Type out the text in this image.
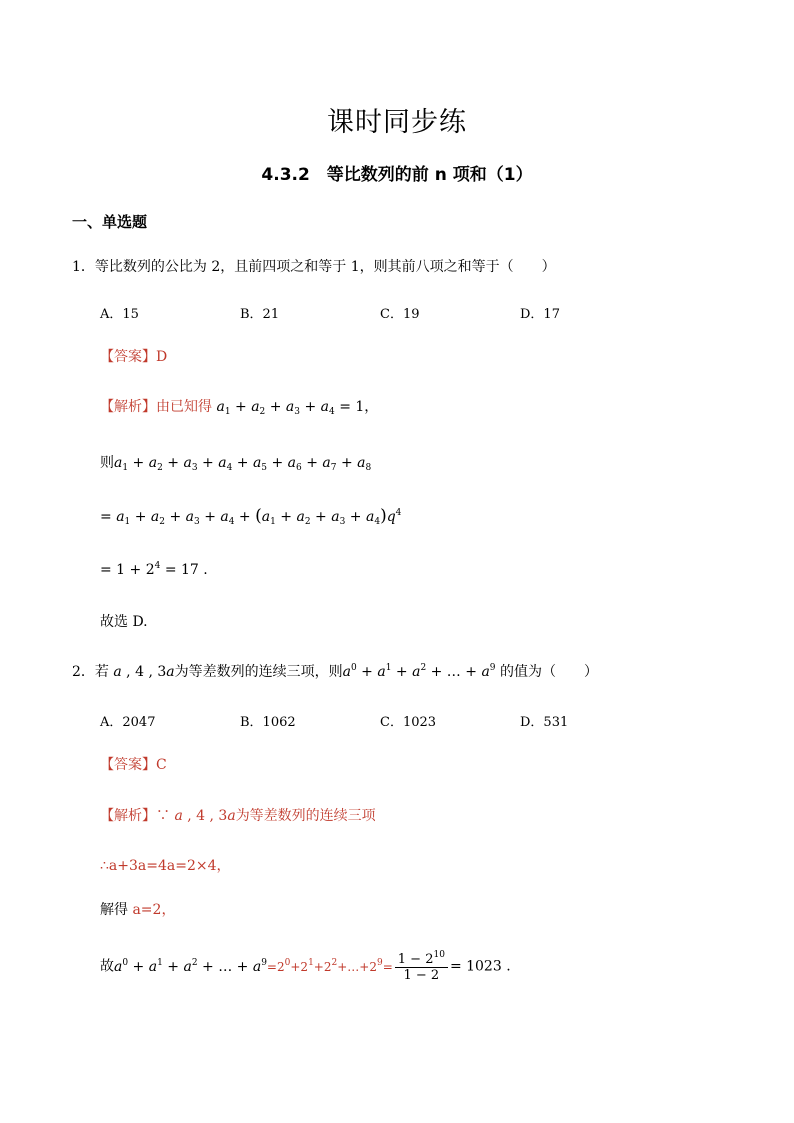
课时同步练
4.3.2　等比数列的前 n 项和（1）
一、单选题
1．等比数列的公比为 2，且前四项之和等于 1，则其前八项之和等于（　　）
A．15	B．21	C．19	D．17
【答案】D
【解析】由已知得 $a_1 + a_2 + a_3 + a_4 = 1$，
则$a_1 + a_2 + a_3 + a_4 + a_5 + a_6 + a_7 + a_8$
= $a_1 + a_2 + a_3 + a_4 + (a_1 + a_2 + a_3 + a_4)q^4$
= $1 + 2^4 = 17$ .
故选 D.
2．若 a , 4 , 3a为等差数列的连续三项，则$a^0 + a^1 + a^2$ + … + $a^9$ 的值为（　　）
A．2047	B．1062	C．1023	D．531
【答案】C
【解析】∵ a , 4 , 3a为等差数列的连续三项
∴a+3a=4a=2×4，
解得 a=2，
故$a^0 + a^1 + a^2$ + … + $a^9=2^0+2^1+2^2+\dots+2^9= \frac{1 - 2^{10}}{1 - 2} = 1023$ .
